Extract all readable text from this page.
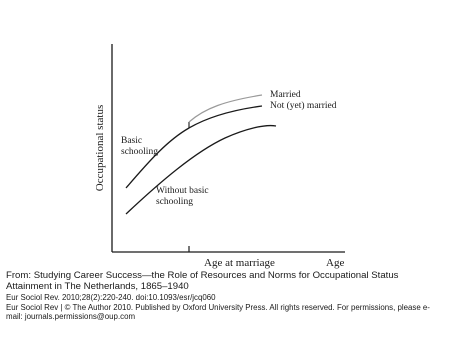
Occupational status
Age at marriage	Age
Married
Not (yet) married
Basic
schooling
Without basic
schooling

From: Studying Career Success—the Role of Resources and Norms for Occupational Status Attainment in The Netherlands, 1865–1940

Eur Sociol Rev. 2010;28(2):220-240. doi:10.1093/esr/jcq060

Eur Sociol Rev | © The Author 2010. Published by Oxford University Press. All rights reserved. For permissions, please e-mail: journals.permissions@oup.com
